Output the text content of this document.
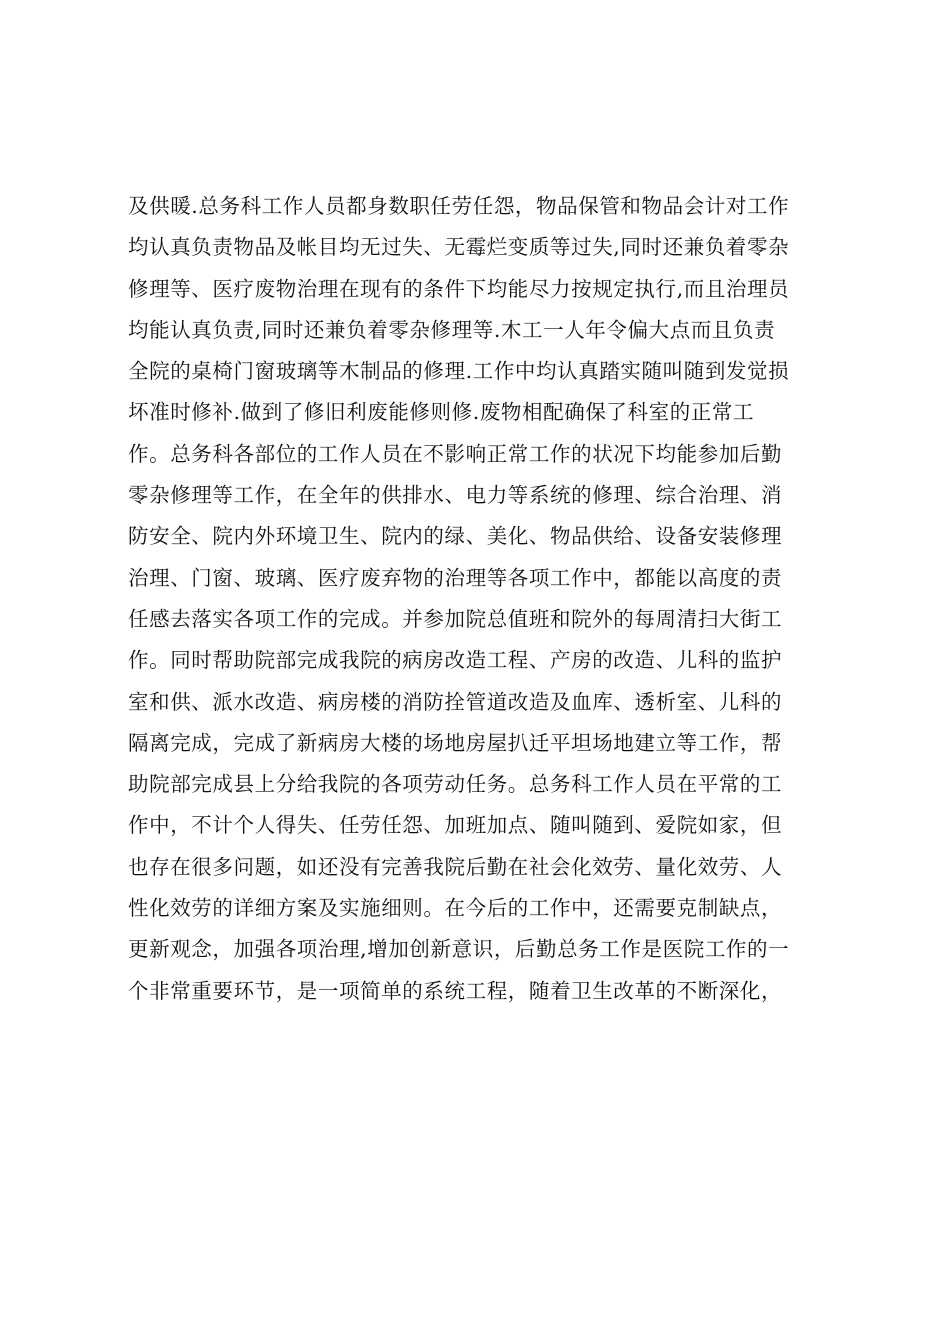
及供暖.总务科工作人员都身数职任劳任怨，物品保管和物品会计对工作
均认真负责物品及帐目均无过失、无霉烂变质等过失,同时还兼负着零杂
修理等、医疗废物治理在现有的条件下均能尽力按规定执行,而且治理员
均能认真负责,同时还兼负着零杂修理等.木工一人年令偏大点而且负责
全院的桌椅门窗玻璃等木制品的修理.工作中均认真踏实随叫随到发觉损
坏准时修补.做到了修旧利废能修则修.废物相配确保了科室的正常工
作。总务科各部位的工作人员在不影响正常工作的状况下均能参加后勤
零杂修理等工作，在全年的供排水、电力等系统的修理、综合治理、消
防安全、院内外环境卫生、院内的绿、美化、物品供给、设备安装修理
治理、门窗、玻璃、医疗废弃物的治理等各项工作中，都能以高度的责
任感去落实各项工作的完成。并参加院总值班和院外的每周清扫大街工
作。同时帮助院部完成我院的病房改造工程、产房的改造、儿科的监护
室和供、派水改造、病房楼的消防拴管道改造及血库、透析室、儿科的
隔离完成，完成了新病房大楼的场地房屋扒迁平坦场地建立等工作，帮
助院部完成县上分给我院的各项劳动任务。总务科工作人员在平常的工
作中，不计个人得失、任劳任怨、加班加点、随叫随到、爱院如家，但
也存在很多问题，如还没有完善我院后勤在社会化效劳、量化效劳、人
性化效劳的详细方案及实施细则。在今后的工作中，还需要克制缺点，
更新观念，加强各项治理,增加创新意识，后勤总务工作是医院工作的一
个非常重要环节，是一项简单的系统工程，随着卫生改革的不断深化，
